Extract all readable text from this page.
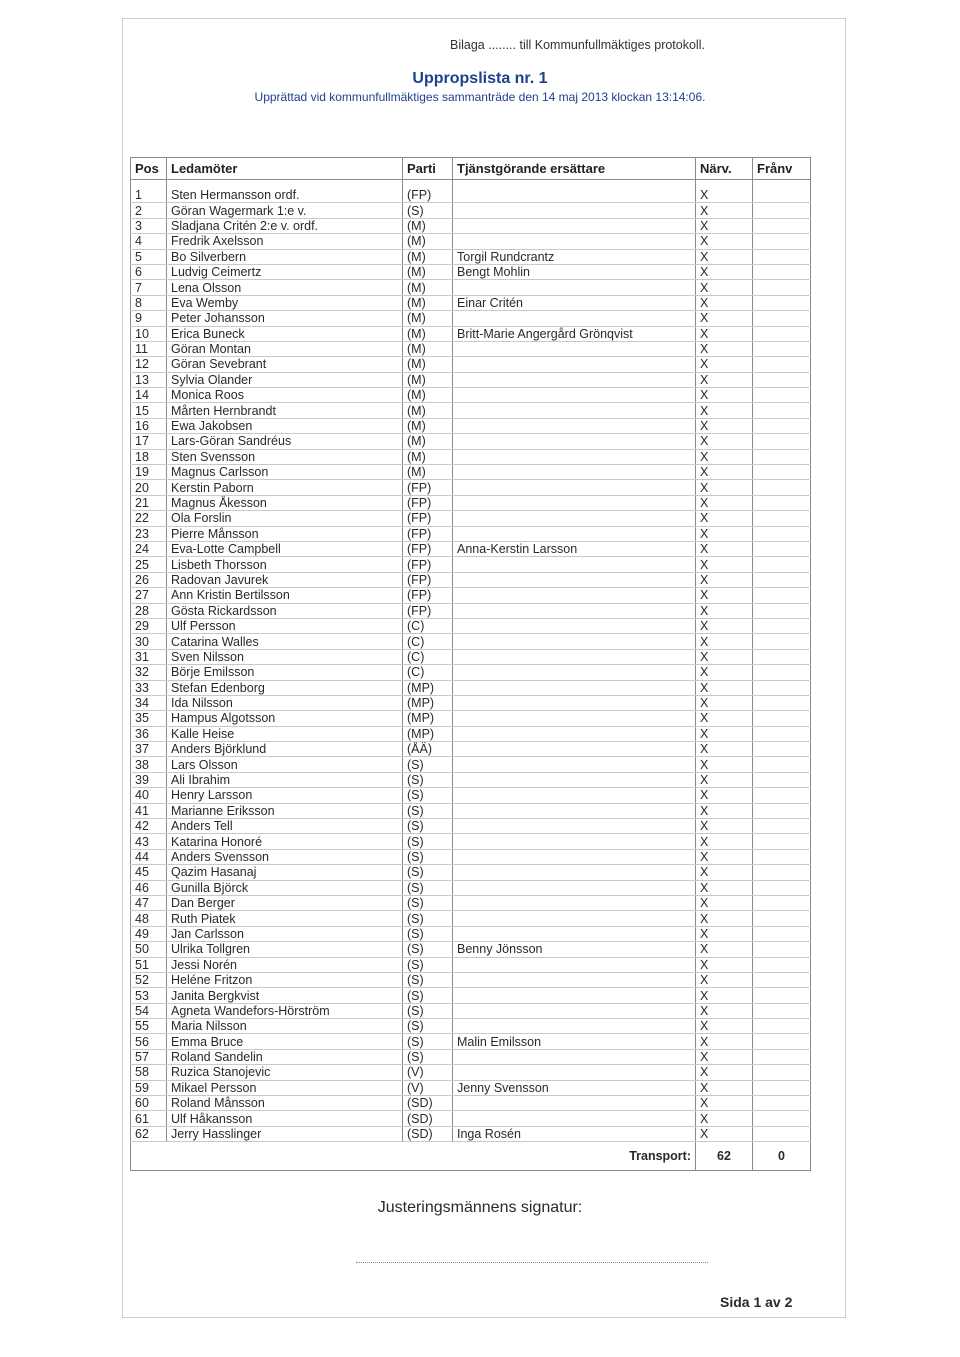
Bilaga ........ till Kommunfullmäktiges protokoll.
Uppropslista nr. 1
Upprättad vid kommunfullmäktiges sammanträde den 14 maj 2013 klockan 13:14:06.
Pos	Ledamöter	Parti	Tjänstgörande ersättare	Närv.	Frånv

1	Sten Hermansson ordf.	(FP)		X	
2	Göran Wagermark 1:e v.	(S)		X	
3	Sladjana Critén 2:e v. ordf.	(M)		X	
4	Fredrik Axelsson	(M)		X	
5	Bo Silverbern	(M)	Torgil Rundcrantz	X	
6	Ludvig Ceimertz	(M)	Bengt Mohlin	X	
7	Lena Olsson	(M)		X	
8	Eva Wemby	(M)	Einar Critén	X	
9	Peter Johansson	(M)		X	
10	Erica Buneck	(M)	Britt-Marie Angergård Grönqvist	X	
11	Göran Montan	(M)		X	
12	Göran Sevebrant	(M)		X	
13	Sylvia Olander	(M)		X	
14	Monica Roos	(M)		X	
15	Mårten Hernbrandt	(M)		X	
16	Ewa Jakobsen	(M)		X	
17	Lars-Göran Sandréus	(M)		X	
18	Sten Svensson	(M)		X	
19	Magnus Carlsson	(M)		X	
20	Kerstin Paborn	(FP)		X	
21	Magnus Åkesson	(FP)		X	
22	Ola Forslin	(FP)		X	
23	Pierre Månsson	(FP)		X	
24	Eva-Lotte Campbell	(FP)	Anna-Kerstin Larsson	X	
25	Lisbeth Thorsson	(FP)		X	
26	Radovan Javurek	(FP)		X	
27	Ann Kristin Bertilsson	(FP)		X	
28	Gösta Rickardsson	(FP)		X	
29	Ulf Persson	(C)		X	
30	Catarina Walles	(C)		X	
31	Sven Nilsson	(C)		X	
32	Börje Emilsson	(C)		X	
33	Stefan Edenborg	(MP)		X	
34	Ida Nilsson	(MP)		X	
35	Hampus Algotsson	(MP)		X	
36	Kalle Heise	(MP)		X	
37	Anders Björklund	(ÅÄ)		X	
38	Lars Olsson	(S)		X	
39	Ali Ibrahim	(S)		X	
40	Henry Larsson	(S)		X	
41	Marianne Eriksson	(S)		X	
42	Anders Tell	(S)		X	
43	Katarina Honoré	(S)		X	
44	Anders Svensson	(S)		X	
45	Qazim Hasanaj	(S)		X	
46	Gunilla Björck	(S)		X	
47	Dan Berger	(S)		X	
48	Ruth Piatek	(S)		X	
49	Jan Carlsson	(S)		X	
50	Ulrika Tollgren	(S)	Benny Jönsson	X	
51	Jessi Norén	(S)		X	
52	Heléne Fritzon	(S)		X	
53	Janita Bergkvist	(S)		X	
54	Agneta Wandefors-Hörström	(S)		X	
55	Maria Nilsson	(S)		X	
56	Emma Bruce	(S)	Malin Emilsson	X	
57	Roland Sandelin	(S)		X	
58	Ruzica Stanojevic	(V)		X	
59	Mikael Persson	(V)	Jenny Svensson	X	
60	Roland Månsson	(SD)		X	
61	Ulf Håkansson	(SD)		X	
62	Jerry Hasslinger	(SD)	Inga Rosén	X	
Transport:				62	0
Justeringsmännens signatur:
Sida 1 av 2
